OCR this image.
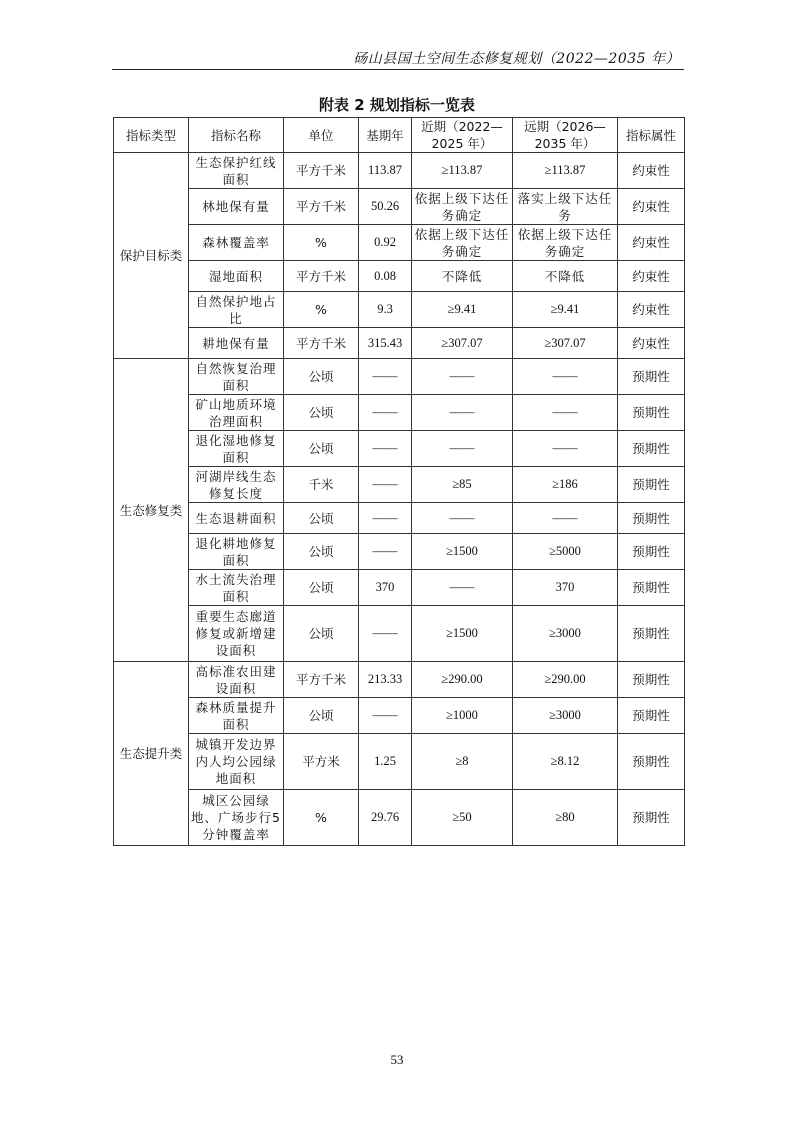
砀山县国土空间生态修复规划（2022—2035 年）
附表 2 规划指标一览表
指标类型	指标名称	单位	基期年	近期（2022—2025 年）	远期（2026—2035 年）	指标属性
保护目标类	生态保护红线面积	平方千米	113.87	≥113.87	≥113.87	约束性
	林地保有量	平方千米	50.26	依据上级下达任务确定	落实上级下达任务	约束性
	森林覆盖率	%	0.92	依据上级下达任务确定	依据上级下达任务确定	约束性
	湿地面积	平方千米	0.08	不降低	不降低	约束性
	自然保护地占比	%	9.3	≥9.41	≥9.41	约束性
	耕地保有量	平方千米	315.43	≥307.07	≥307.07	约束性
生态修复类	自然恢复治理面积	公顷	——	——	——	预期性
	矿山地质环境治理面积	公顷	——	——	——	预期性
	退化湿地修复面积	公顷	——	——	——	预期性
	河湖岸线生态修复长度	千米	——	≥85	≥186	预期性
	生态退耕面积	公顷	——	——	——	预期性
	退化耕地修复面积	公顷	——	≥1500	≥5000	预期性
	水土流失治理面积	公顷	370	——	370	预期性
	重要生态廊道修复或新增建设面积	公顷	——	≥1500	≥3000	预期性
生态提升类	高标准农田建设面积	平方千米	213.33	≥290.00	≥290.00	预期性
	森林质量提升面积	公顷	——	≥1000	≥3000	预期性
	城镇开发边界内人均公园绿地面积	平方米	1.25	≥8	≥8.12	预期性
	城区公园绿地、广场步行5 分钟覆盖率	%	29.76	≥50	≥80	预期性
53
